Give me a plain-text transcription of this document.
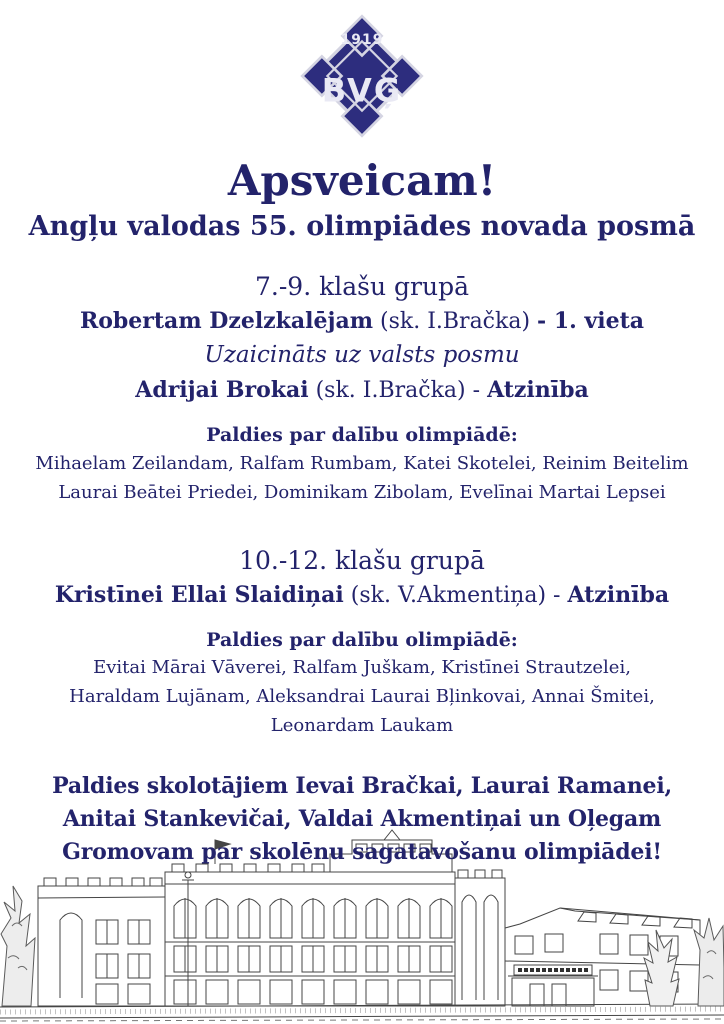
1919
BVĢ
Apsveicam!
Angļu valodas 55. olimpiādes novada posmā
7.-9. klašu grupā

Robertam Dzelzkalējam (sk. I.Bračka) - 1. vieta

Uzaicināts uz valsts posmu

Adrijai Brokai (sk. I.Bračka) - Atzinība

Paldies par dalību olimpiādē:

Mihaelam Zeilandam, Ralfam Rumbam, Katei Skotelei, Reinim Beitelim

Laurai Beātei Priedei, Dominikam Zibolam, Evelīnai Martai Lepsei

10.-12. klašu grupā

Kristīnei Ellai Slaidiņai (sk. V.Akmentiņa) - Atzinība

Paldies par dalību olimpiādē:

Evitai Mārai Vāverei, Ralfam Juškam, Kristīnei Strautzelei,

Haraldam Lujānam, Aleksandrai Laurai Bļinkovai, Annai Šmitei,

Leonardam Laukam

Paldies skolotājiem Ievai Bračkai, Laurai Ramanei, Anitai Stankevičai, Valdai Akmentiņai un Oļegam Gromovam par skolēnu sagatavošanu olimpiādei!
